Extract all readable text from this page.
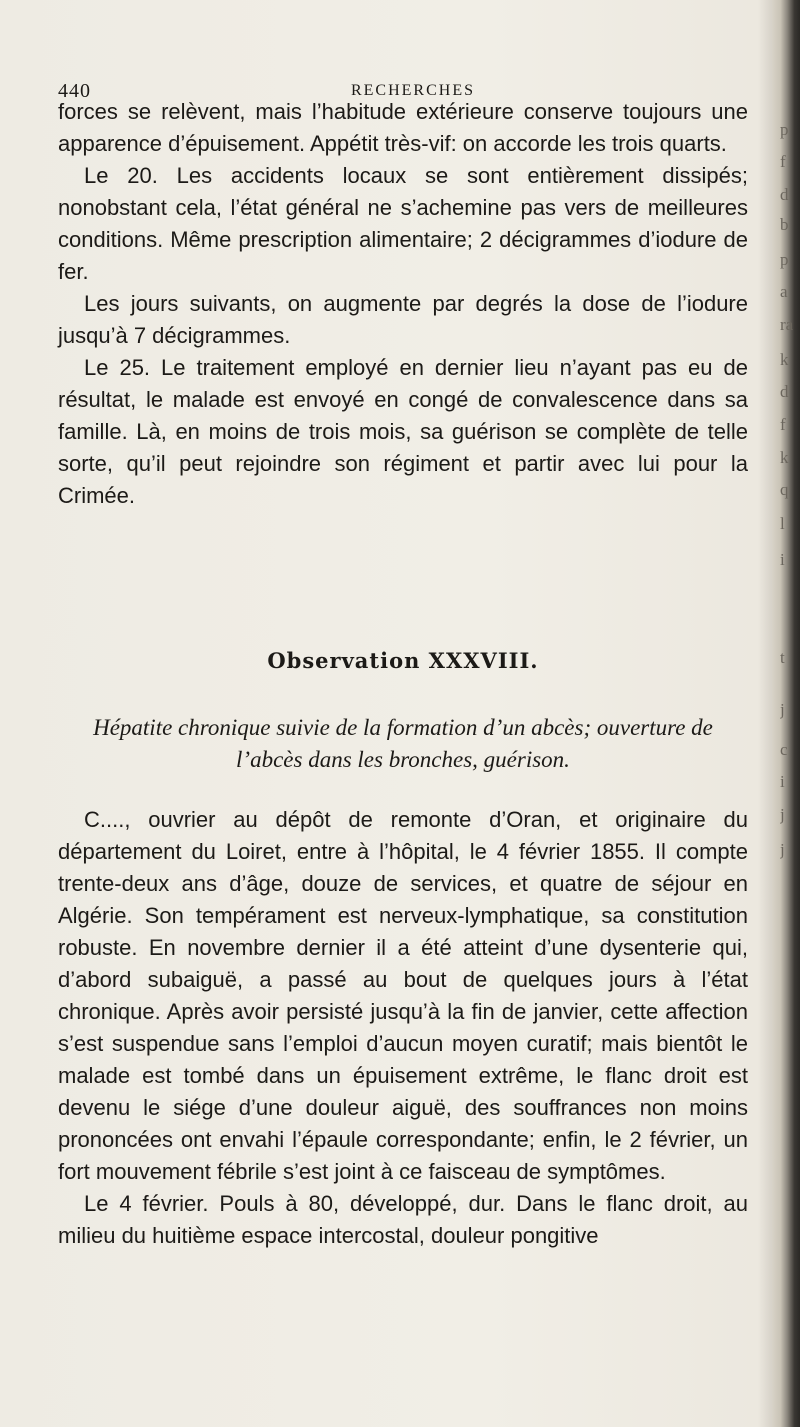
440	RECHERCHES

forces se relèvent, mais l’habitude extérieure conserve toujours une apparence d’épuisement. Appétit très-vif: on accorde les trois quarts.

Le 20. Les accidents locaux se sont entièrement dissipés; nonobstant cela, l’état général ne s’achemine pas vers de meilleures conditions. Même prescription alimentaire; 2 décigrammes d’iodure de fer.

Les jours suivants, on augmente par degrés la dose de l’iodure jusqu’à 7 décigrammes.

Le 25. Le traitement employé en dernier lieu n’ayant pas eu de résultat, le malade est envoyé en congé de convalescence dans sa famille. Là, en moins de trois mois, sa guérison se complète de telle sorte, qu’il peut rejoindre son régiment et partir avec lui pour la Crimée.

Observation XXXVIII.
Hépatite chronique suivie de la formation d’un abcès; ouverture de l’abcès dans les bronches, guérison.

C...., ouvrier au dépôt de remonte d’Oran, et originaire du département du Loiret, entre à l’hôpital, le 4 février 1855. Il compte trente-deux ans d’âge, douze de services, et quatre de séjour en Algérie. Son tempérament est nerveux-lymphatique, sa constitution robuste. En novembre dernier il a été atteint d’une dysenterie qui, d’abord subaiguë, a passé au bout de quelques jours à l’état chronique. Après avoir persisté jusqu’à la fin de janvier, cette affection s’est suspendue sans l’emploi d’aucun moyen curatif; mais bientôt le malade est tombé dans un épuisement extrême, le flanc droit est devenu le siége d’une douleur aiguë, des souffrances non moins prononcées ont envahi l’épaule correspondante; enfin, le 2 février, un fort mouvement fébrile s’est joint à ce faisceau de symptômes.

Le 4 février. Pouls à 80, développé, dur. Dans le flanc droit, au milieu du huitième espace intercostal, douleur pongitive

p
f
d
b
p
a
ra
k
d
f
k
q
l
i
t
j
c
i
j
j
